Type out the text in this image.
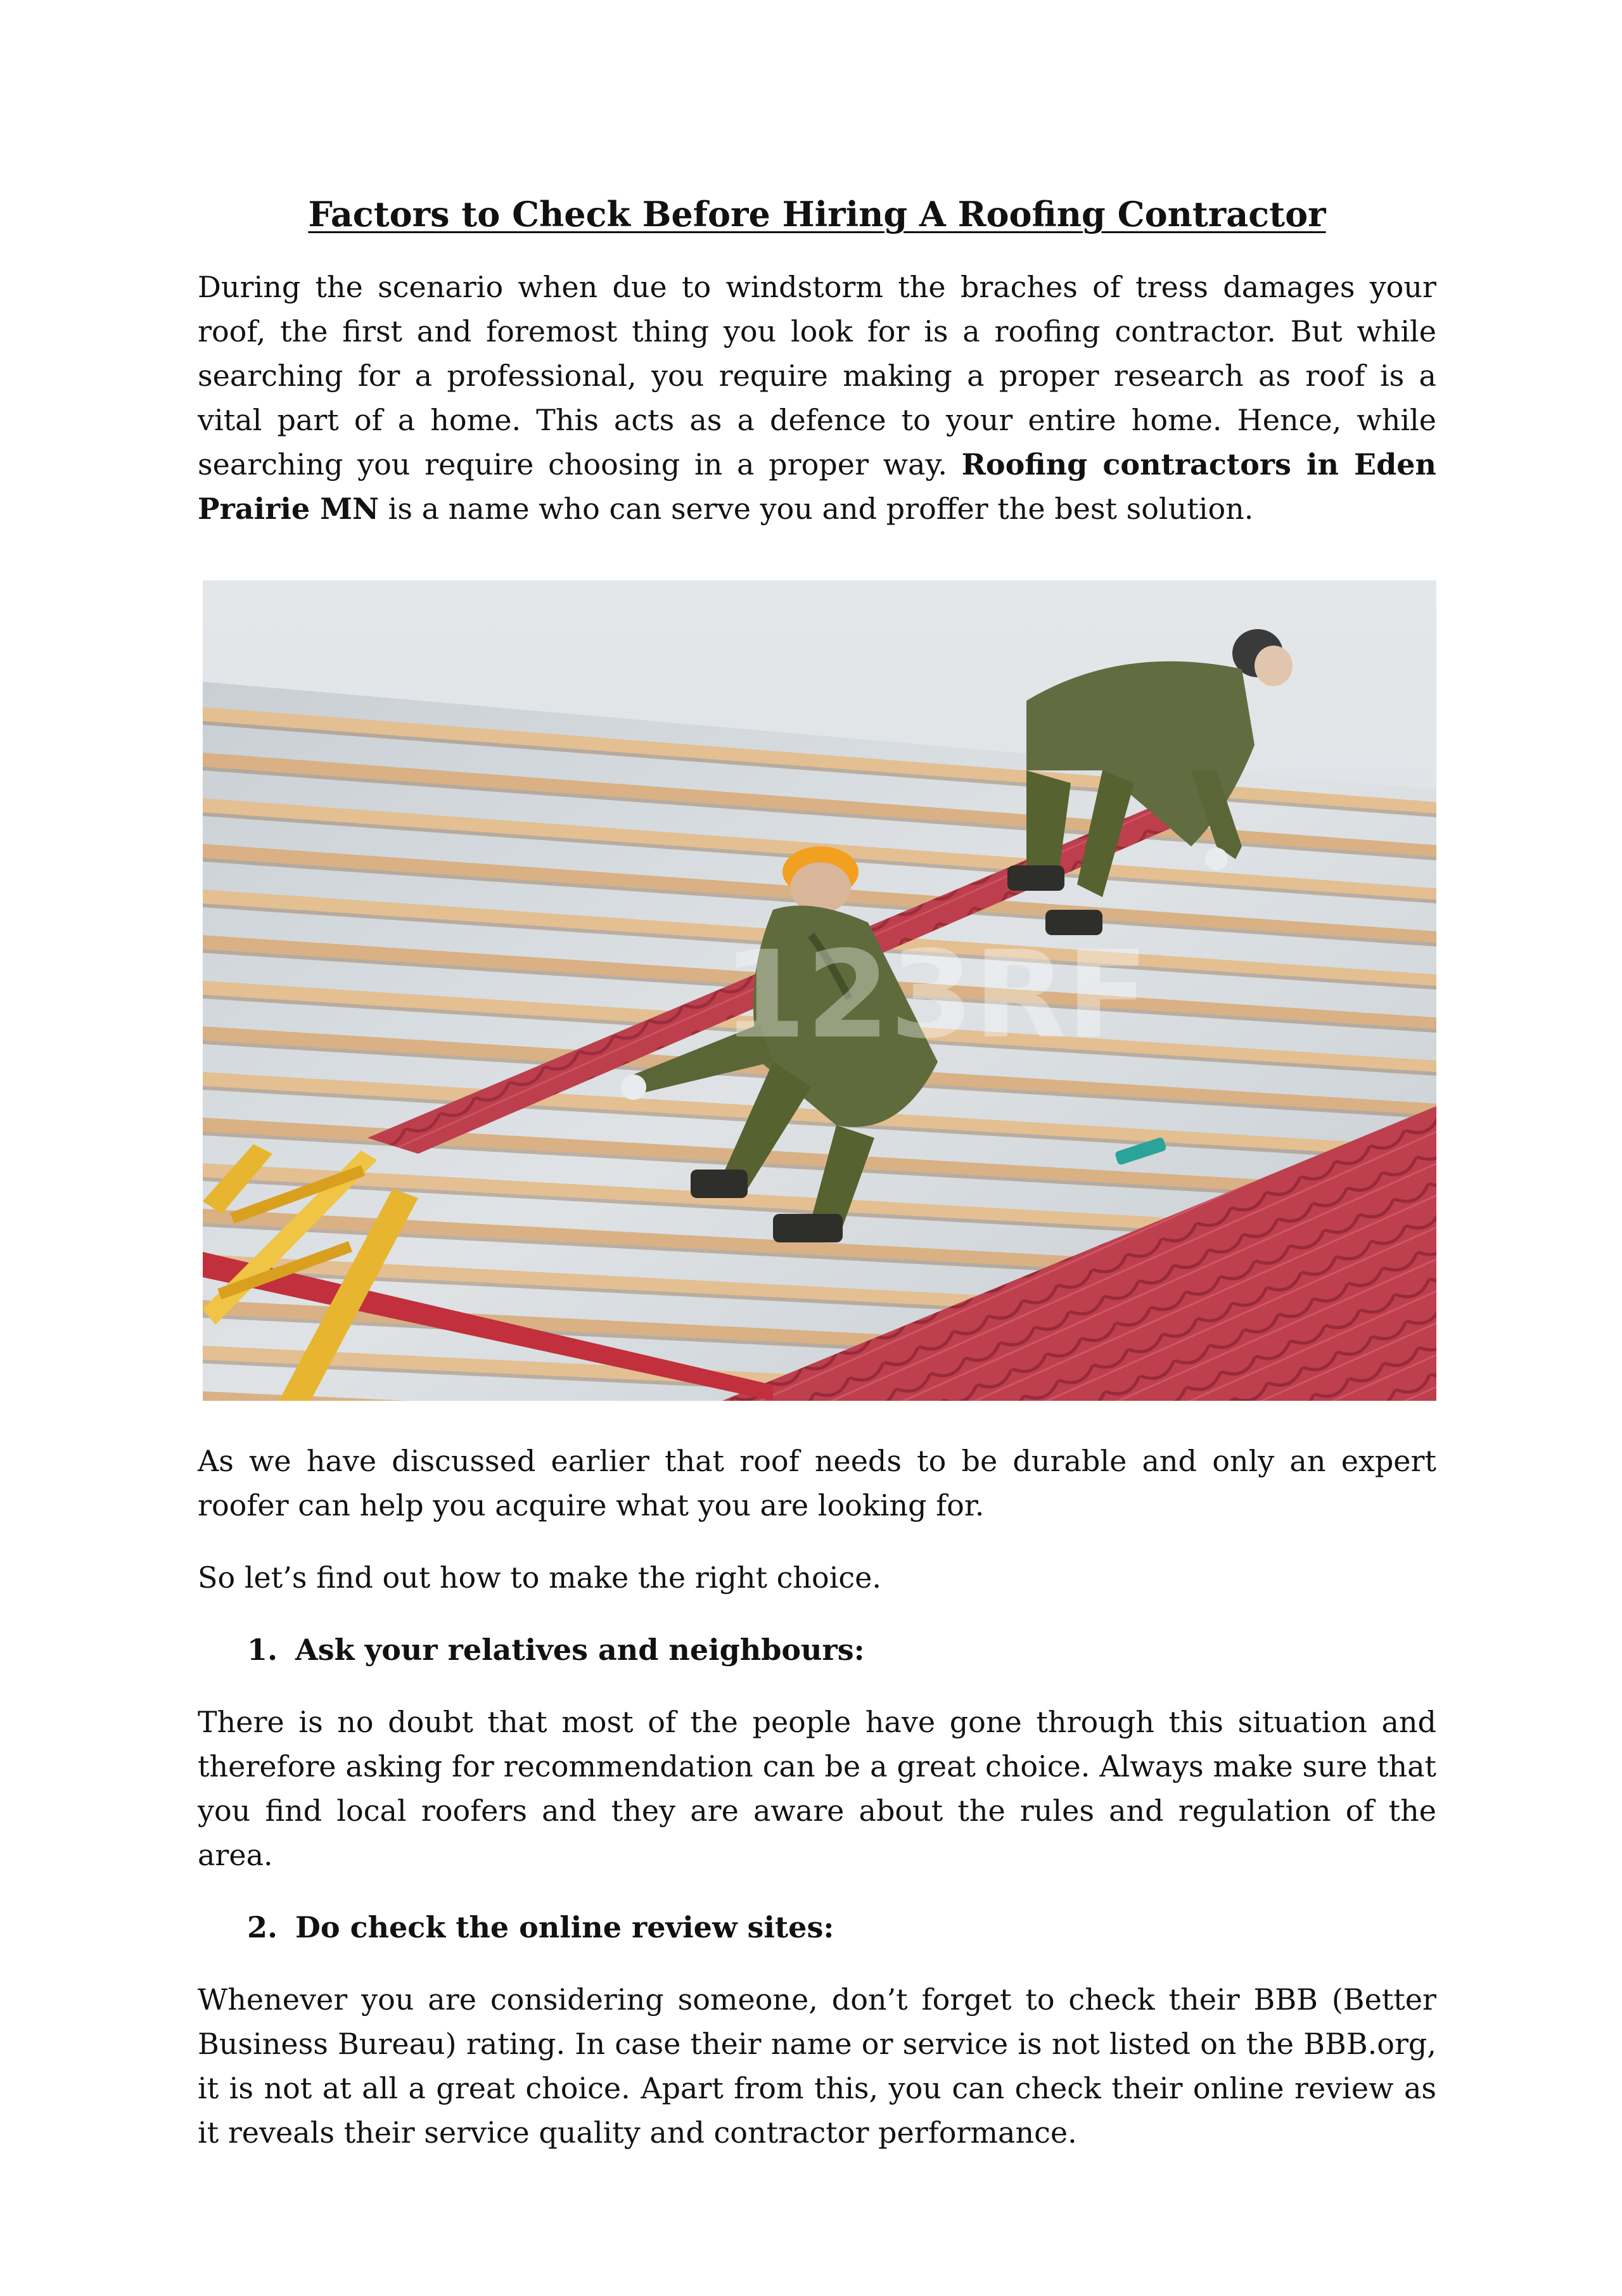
Factors to Check Before Hiring A Roofing Contractor

During the scenario when due to windstorm the braches of tress damages your roof, the first and foremost thing you look for is a roofing contractor. But while searching for a professional, you require making a proper research as roof is a vital part of a home. This acts as a defence to your entire home. Hence, while searching you require choosing in a proper way. Roofing contractors in Eden Prairie MN is a name who can serve you and proffer the best solution.

123RF

As we have discussed earlier that roof needs to be durable and only an expert roofer can help you acquire what you are looking for.

So let’s find out how to make the right choice.

1. Ask your relatives and neighbours:

There is no doubt that most of the people have gone through this situation and therefore asking for recommendation can be a great choice. Always make sure that you find local roofers and they are aware about the rules and regulation of the area.

2. Do check the online review sites:

Whenever you are considering someone, don’t forget to check their BBB (Better Business Bureau) rating. In case their name or service is not listed on the BBB.org, it is not at all a great choice. Apart from this, you can check their online review as it reveals their service quality and contractor performance.
